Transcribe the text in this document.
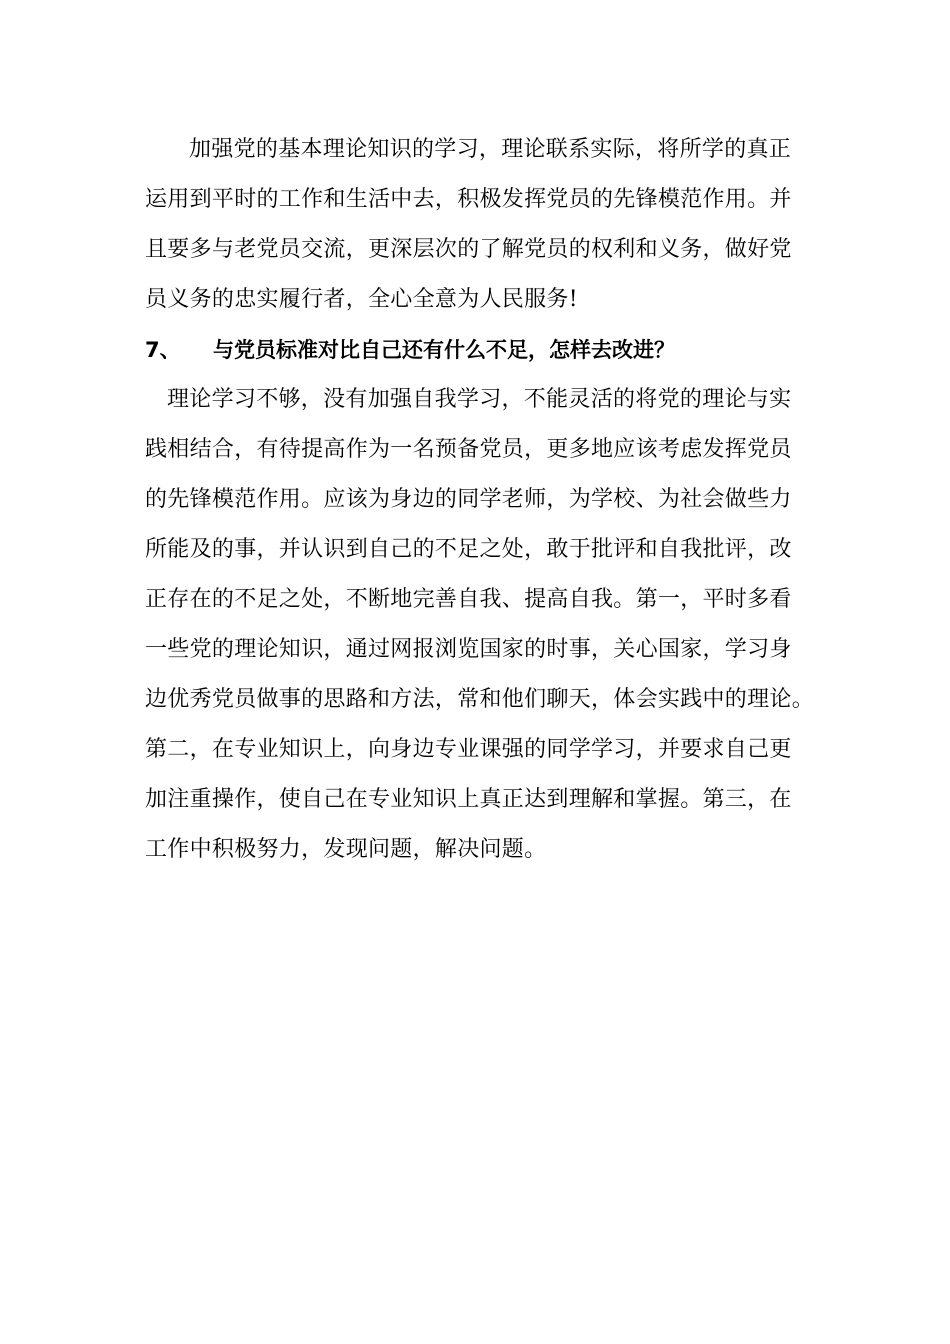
加强党的基本理论知识的学习，理论联系实际，将所学的真正
运用到平时的工作和生活中去，积极发挥党员的先锋模范作用。并
且要多与老党员交流，更深层次的了解党员的权利和义务，做好党
员义务的忠实履行者，全心全意为人民服务!
7、 与党员标准对比自己还有什么不足，怎样去改进？
理论学习不够，没有加强自我学习，不能灵活的将党的理论与实
践相结合，有待提高作为一名预备党员，更多地应该考虑发挥党员
的先锋模范作用。应该为身边的同学老师，为学校、为社会做些力
所能及的事，并认识到自己的不足之处，敢于批评和自我批评，改
正存在的不足之处，不断地完善自我、提高自我。第一，平时多看
一些党的理论知识，通过网报浏览国家的时事，关心国家，学习身
边优秀党员做事的思路和方法，常和他们聊天，体会实践中的理论。
第二，在专业知识上，向身边专业课强的同学学习，并要求自己更
加注重操作，使自己在专业知识上真正达到理解和掌握。第三，在
工作中积极努力，发现问题，解决问题。
